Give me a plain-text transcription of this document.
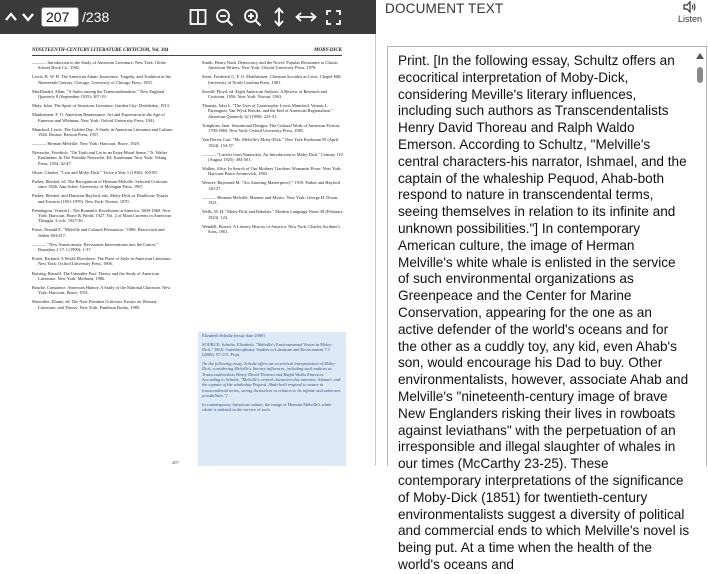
207
/238
NINETEENTH-CENTURY LITERATURE CRITICISM, Vol. 304	MOBY-DICK

———. Introduction to the Study of American Literature. New York: Globe School Book Co., 1902.

Lewis, R. W. B. The American Adam: Innocence, Tragedy, and Tradition in the Nineteenth Century. Chicago: University of Chicago Press, 1955.

MacDonald, Allan. "A Sailor among the Transcendentalists." New England Quarterly 8 (September 1935): 307-19.

Mary, John. The Spirit of American Literature. Garden City: Doubleday, 1913.

Matthiessen, F. O. American Renaissance: Art and Expression in the Age of Emerson and Whitman. New York: Oxford University Press, 1941.

Mumford, Lewis. The Golden Day: A Study in American Literature and Culture. 1926. Boston: Beacon Press, 1957.

———. Herman Melville. New York: Harcourt, Brace, 1929.

Nietzsche, Friedrich. "On Truth and Lie in an Extra-Moral Sense." Tr. Walter Kaufmann. In The Portable Nietzsche. Ed. Kaufmann. New York: Viking Press, 1954. 42-47.

Olson, Charles. "Lear and Moby-Dick." Twice a Year 1 (1938): 165-89.

Parker, Hershel, ed. The Recognition of Herman Melville: Selected Criticism since 1846. Ann Arbor: University of Michigan Press, 1967.

Parker, Hershel, and Harrison Hayford, eds. Moby-Dick as Doubloon: Essays and Extracts (1851-1970). New York: Norton, 1970.

Pennington, Vernon L. The Romantic Revolution in America: 1800-1860. New York: Harcourt, Brace & World, 1927. Vol. 2 of Main Currents in American Thought. 3 vols. 1927-30.

Pease, Donald E. "Melville and Cultural Persuasion." 1986. Bercovitch and Jehlen 384-417.

———. "New Americanists: Revisionist Interventions into the Canon." Boundary 2 17.1 (1990): 1-37.

Porter, Richard. A World Elsewhere: The Place of Style in American Literature. New York: Oxford University Press, 1966.

Ruising, Russell. The Unusable Past: Theory and the Study of American Literature. New York: Methuen, 1986.

Rourke, Constance. American Humor: A Study of the National Character. New York: Harcourt, Brace, 1931.

Showalter, Elaine, ed. The New Feminist Criticism: Essays on Women, Literature, and Theory. New York: Pantheon Books, 1985.

Smith, Henry Nash. Democracy and the Novel: Popular Resistance to Classic American Writers. New York: Oxford University Press, 1978.

Stern, Frederick C. F. O. Matthiessen: Christian Socialist as Critic. Chapel Hill: University of North Carolina Press, 1981.

Stovall, Floyd, ed. Eight American Authors: A Review of Research and Criticism. 1956. New York: Norton, 1963.

Thomas, John L. "The Uses of Catastrophe: Lewis Mumford, Vernon L. Parrington, Van Wyck Brooks, and the End of American Regionalism." American Quarterly 42 (1990): 223-51.

Tompkins, Jane. Sensational Designs: The Cultural Work of American Fiction, 1790-1860. New York: Oxford University Press, 1985.

Van Doren, Carl. "Mr. Melville's Moby-Dick." New York Bookman 59 (April 1924): 154-57.

———. "Lucifer from Nantucket: An Introduction to Moby-Dick." Century 110 (August 1925): 494-501.

Walker, Alice. In Search of Our Mothers' Gardens: Womanist Prose. New York: Harcourt Brace Jovanovich, 1983.

Weaver, Raymond M. "Ars Amoring Masterpiece]." 1919. Parker and Hayford 120-27.

———. Herman Melville, Mariner and Mystic. New York: George H. Doran, 1921.

Wells, W. H. "Moby-Dick and Rabelais." Modern Language Notes 38 (February 1923): 123.

Wendell, Barrett. A Literary History of America. New York: Charles Scribner's Sons, 1901.

Elizabeth Schultz (essay date 2000)

SOURCE: Schultz, Elizabeth. "Melville's Environmental Vision in Moby-Dick." ISLE: Interdisciplinary Studies in Literature and Environment 7.1 (2000): 97-113. Print.

[In the following essay, Schultz offers an ecocritical interpretation of Moby-Dick, considering Melville's literary influences, including such authors as Transcendentalists Henry David Thoreau and Ralph Waldo Emerson. According to Schultz, "Melville's central characters-his narrator, Ishmael, and the captain of the whaleship Pequod, Ahab-both respond to nature in transcendental terms, seeing themselves in relation to its infinite and unknown possibilities."]

In contemporary American culture, the image of Herman Melville's white whale is enlisted in the service of such

207
DOCUMENT TEXT
Listen
Print. [In the following essay, Schultz offers an ecocritical interpretation of Moby-Dick, considering Meville's literary influences, including such authors as Transcendentalists Henry David Thoreau and Ralph Waldo Emerson. According to Schultz, "Melville's central characters-his narrator, Ishmael, and the captain of the whaleship Pequod, Ahab-both respond to nature in transcendental terms, seeing themselves in relation to its infinite and unknown possibilities."] In contemporary American culture, the image of Herman Melville's white whale is enlisted in the service of such environmental organizations as Greenpeace and the Center for Marine Conservation, appearing for the one as an active defender of the world's oceans and for the other as a cuddly toy, any kid, even Ahab's son, would encourage his Dad to buy. Other environmentalists, however, associate Ahab and Melville's "nineteenth-century image of brave New Englanders risking their lives in rowboats against leviathans" with the perpetuation of an irresponsible and illegal slaughter of whales in our times (McCarthy 23-25). These contemporary interpretations of the significance of Moby-Dick (1851) for twentieth-century environmentalists suggest a diversity of political and commercial ends to which Melville's novel is being put. At a time when the health of the world's oceans and
